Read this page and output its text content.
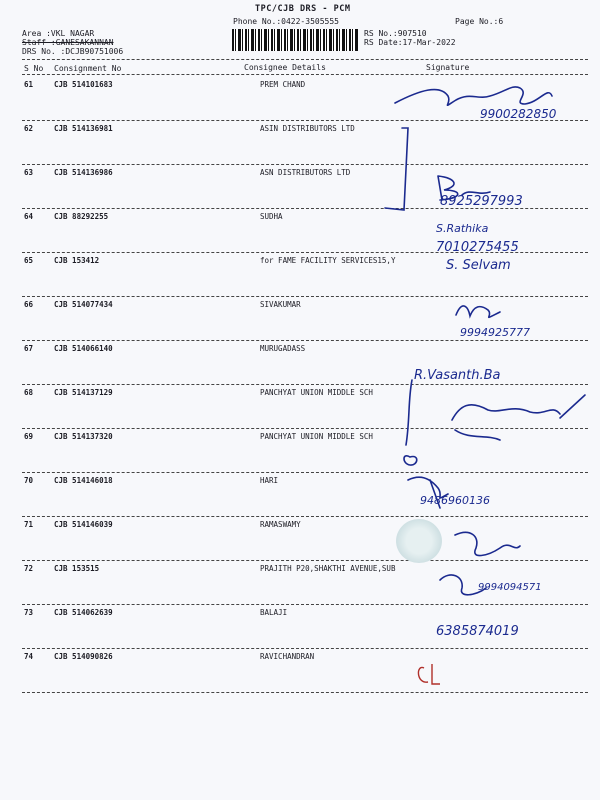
TPC/CJB DRS - PCM
Phone No.:0422-3505555	Page No.:6
Area :VKL NAGAR
Staff :GANESAKANNAN
DRS No. :DCJB90751006
RS No.:907510
RS Date:17-Mar-2022
S No Consignment No	Consignee Details	Signature
61	CJB 514101683	PREM CHAND
62	CJB 514136981	ASIN DISTRIBUTORS LTD
63	CJB 514136986	ASN DISTRIBUTORS LTD
64	CJB 88292255	SUDHA
65	CJB 153412	for FAME FACILITY SERVICES15,Y
66	CJB 514077434	SIVAKUMAR
67	CJB 514066140	MURUGADASS
68	CJB 514137129	PANCHYAT UNION MIDDLE SCH
69	CJB 514137320	PANCHYAT UNION MIDDLE SCH
70	CJB 514146018	HARI
71	CJB 514146039	RAMASWAMY
72	CJB 153515	PRAJITH P20,SHAKTHI AVENUE,SUB
73	CJB 514062639	BALAJI
74	CJB 514090826	RAVICHANDRAN
9900282850
8925297993
S.Rathika
7010275455
S. Selvam
9994925777
R.Vasanth.Ba
9486960136
9994094571
6385874019
